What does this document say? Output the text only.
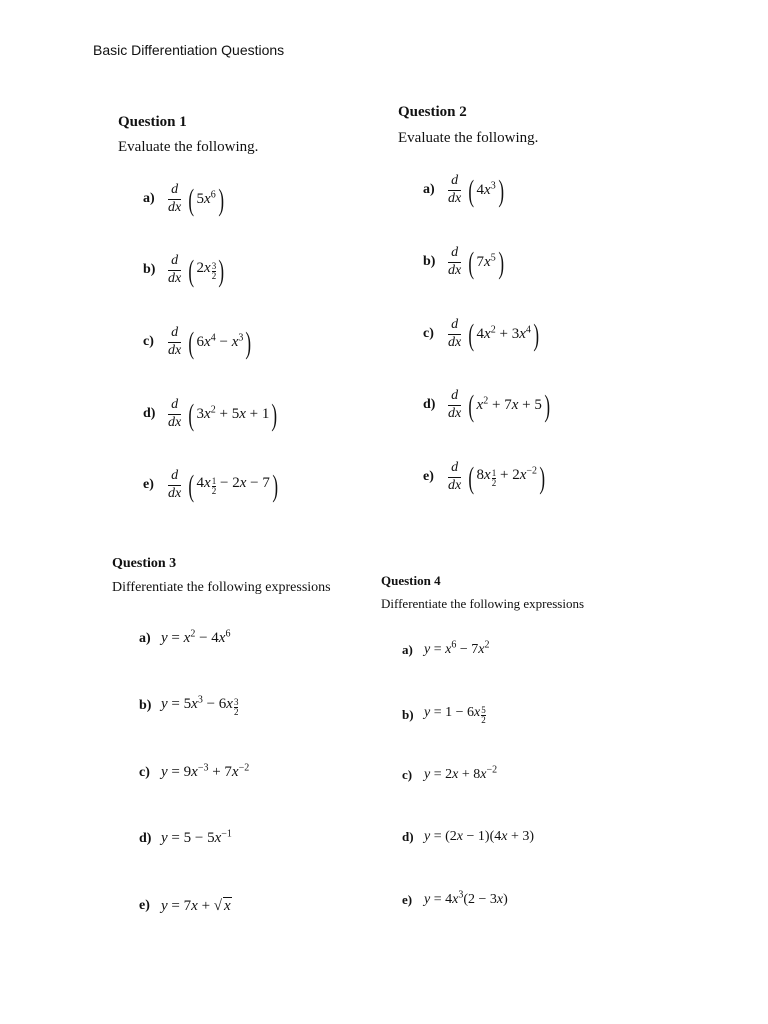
Basic Differentiation Questions
Question 1
Evaluate the following.
$a) \frac{d}{dx}$ ( $5x^6$ )
$b) \frac{d}{dx}$ ( $2x \frac{3}{2}$ )
$c) \frac{d}{dx}$ ( $6x^4 - x^3$ )
$d) \frac{d}{dx}$ ( $3x^2 + 5x + 1$ )
$e) \frac{d}{dx}$ ( $4x \frac{1}{2} - 2x - 7$ )
Question 2
Evaluate the following.
$a) \frac{d}{dx}$ ( $4x^3$ )
$b) \frac{d}{dx}$ ( $7x^5$ )
$c) \frac{d}{dx}$ ( $4x^2 + 3x^4$ )
$d) \frac{d}{dx}$ ( $x^2 + 7x + 5$ )
$e) \frac{d}{dx}$ ( $8x \frac{1}{2} + 2x^{-2}$ )
Question 3
Differentiate the following expressions
a) $y = x^2 - 4x^6$
b) $y = 5x^3 - 6x \frac{3}{2}$
c) $y = 9x^{-3} + 7x^{-2}$
d) $y = 5 - 5x^{-1}$
e) y = 7x + √ x
Question 4
Differentiate the following expressions
a) $y = x^6 - 7x^2$
b) $y = 1 - 6x \frac{5}{2}$
c) $y = 2x + 8x^{-2}$
d) y = (2x − 1)(4x + 3)
e) $y = 4x^3(2 - 3x)$
